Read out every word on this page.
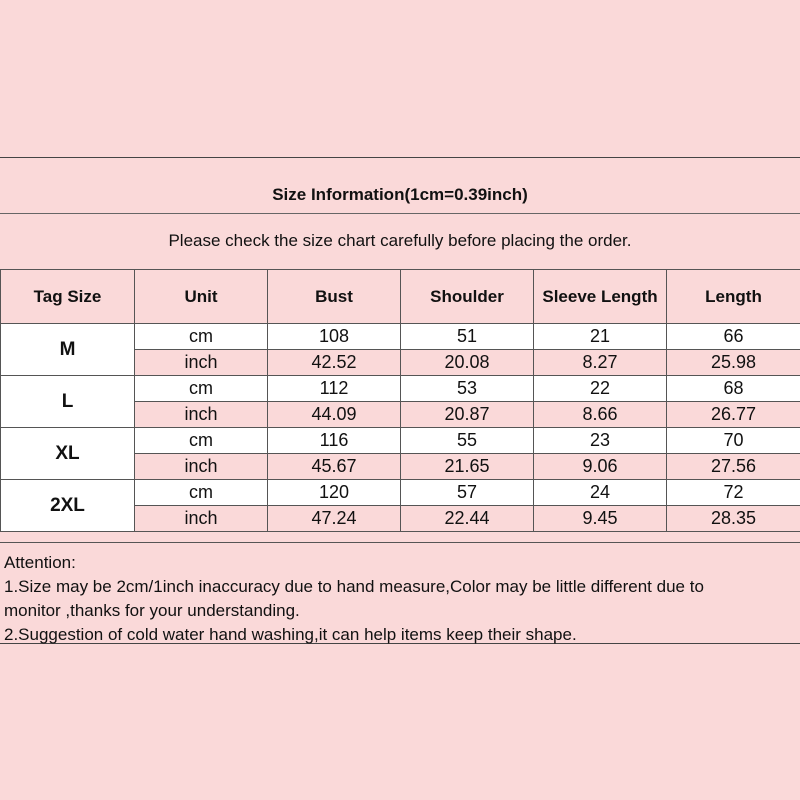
Size Information(1cm=0.39inch)
Please check the size chart carefully before placing the order.
Tag Size	Unit	Bust	Shoulder	Sleeve Length	Length
M	cm	108	51	21	66
	inch	42.52	20.08	8.27	25.98
L	cm	112	53	22	68
	inch	44.09	20.87	8.66	26.77
XL	cm	116	55	23	70
	inch	45.67	21.65	9.06	27.56
2XL	cm	120	57	24	72
	inch	47.24	22.44	9.45	28.35
Attention:
1.Size may be 2cm/1inch inaccuracy due to hand measure,Color may be little different due to
monitor ,thanks for your understanding.
2.Suggestion of cold water hand washing,it can help items keep their shape.
